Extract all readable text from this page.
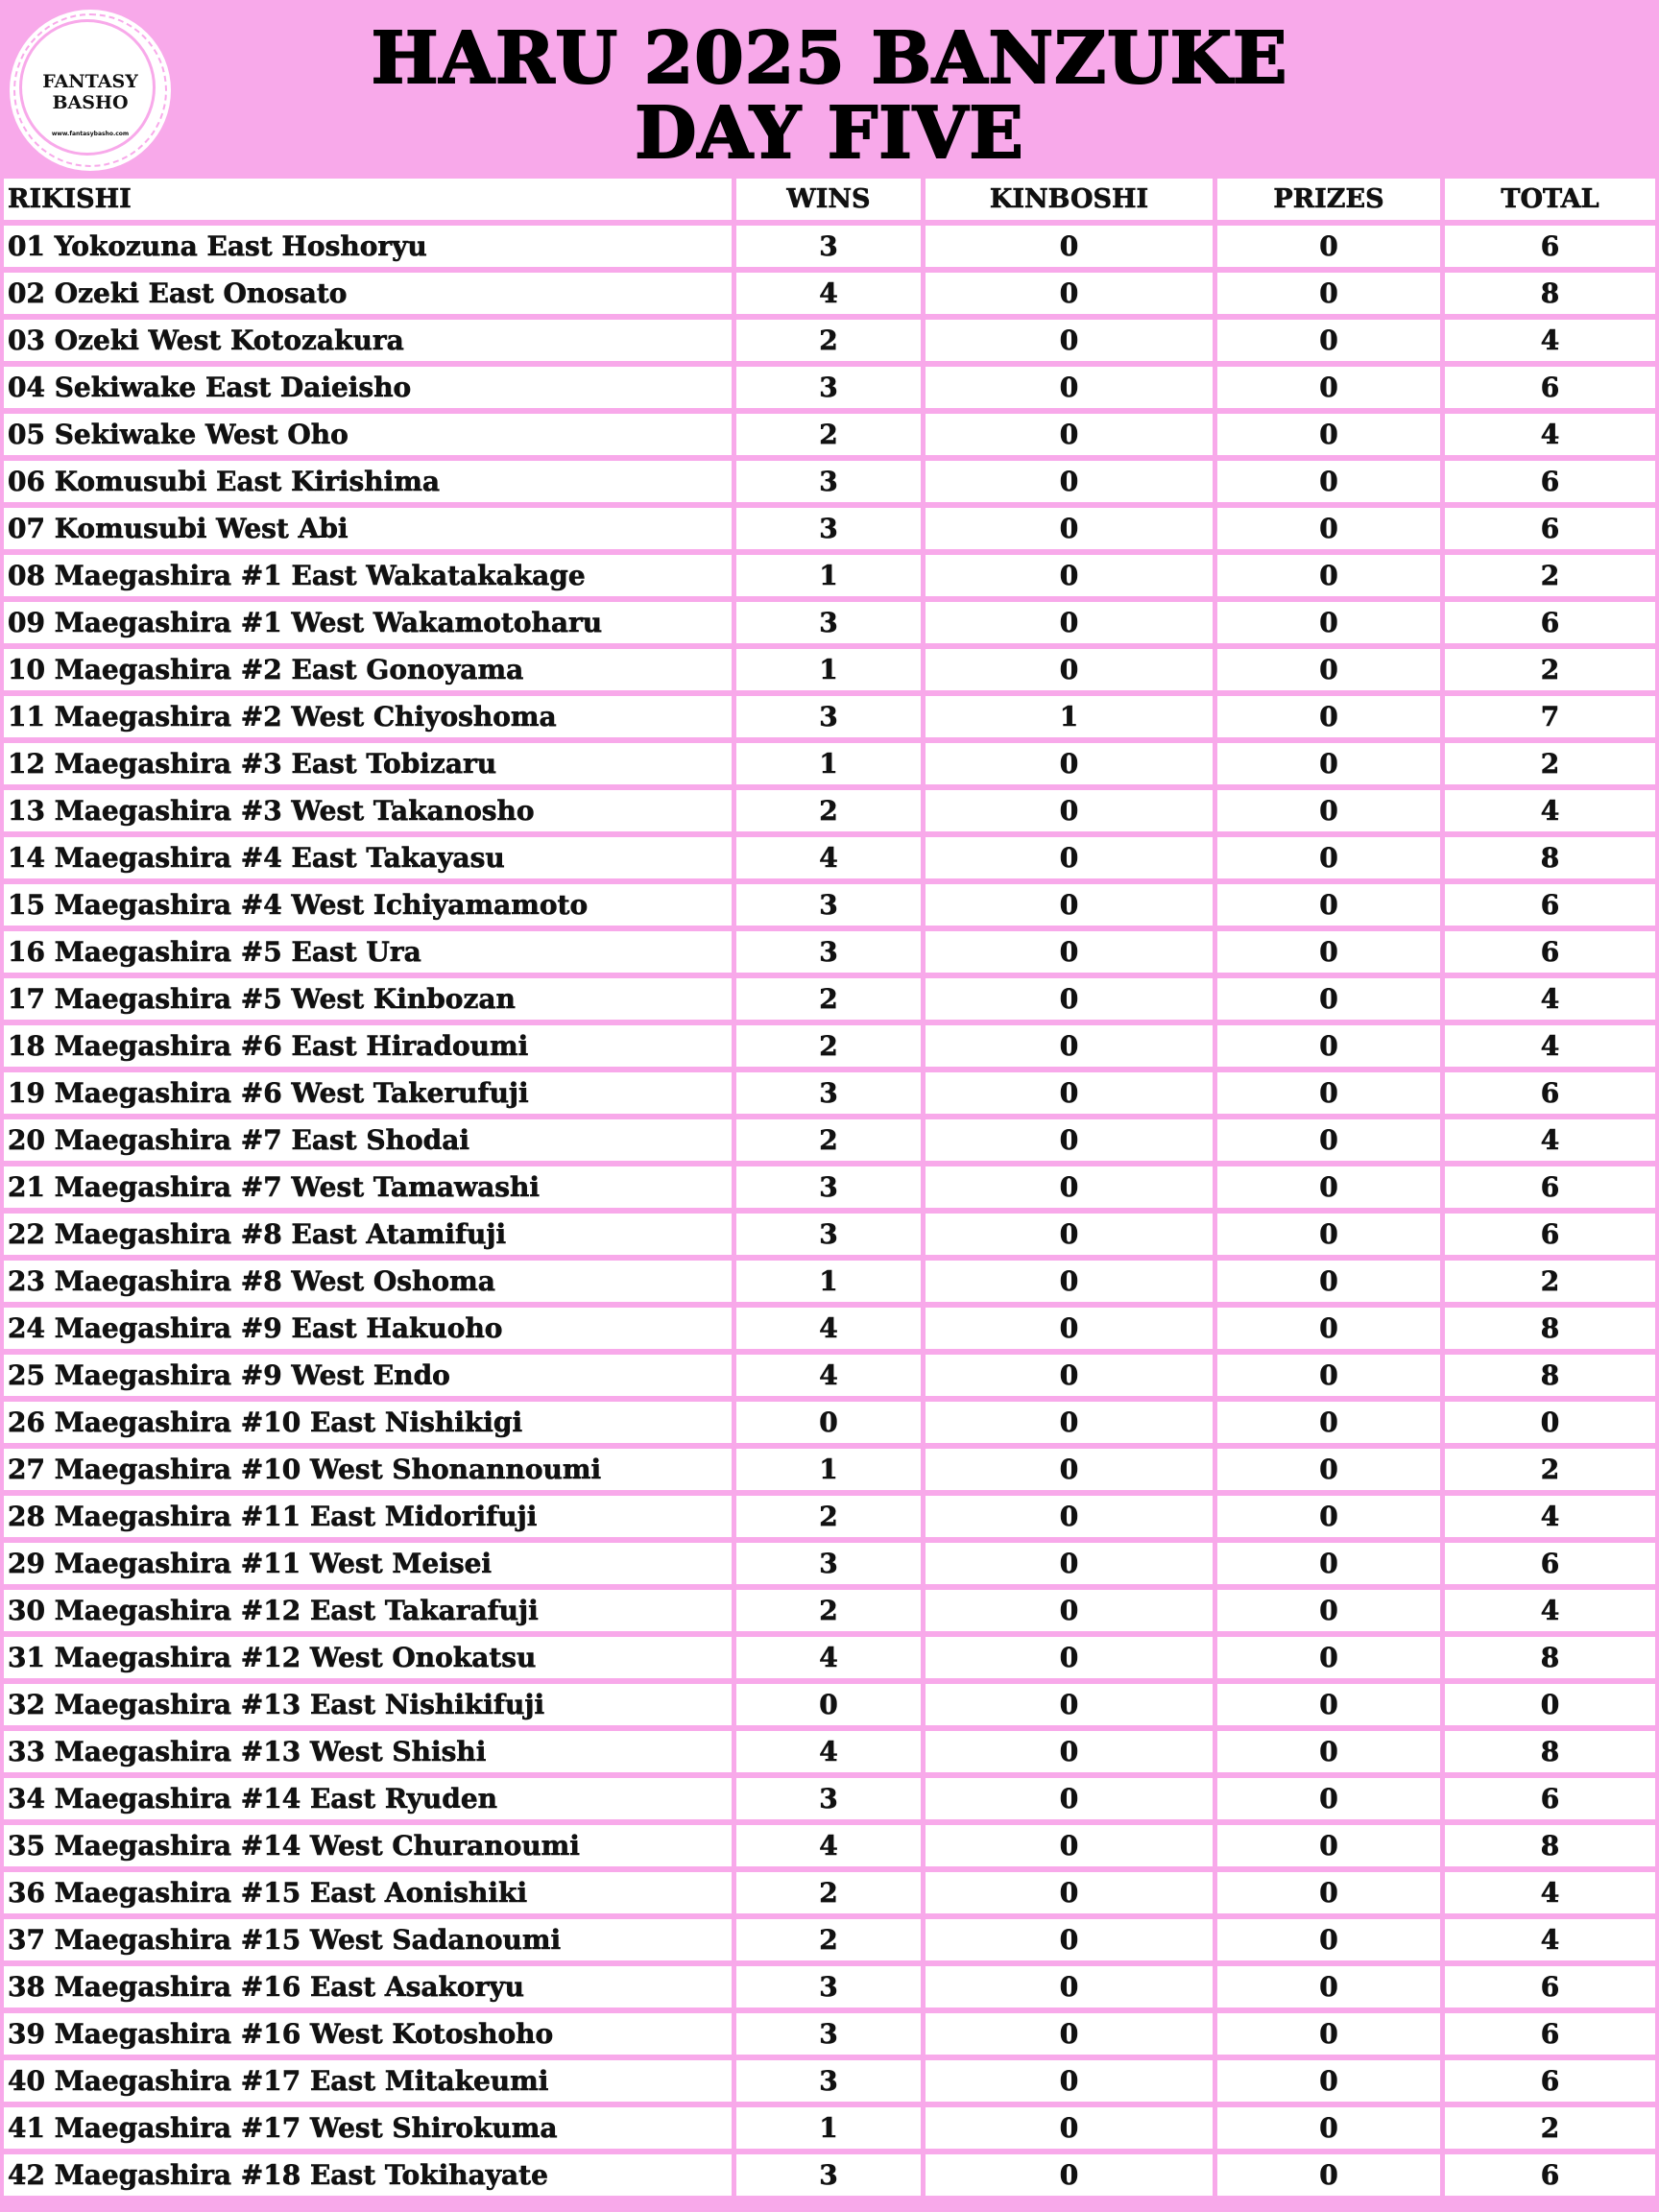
FANTASY
BASHO
www.fantasybasho.com
HARU 2025 BANZUKE
DAY FIVE
RIKISHI	WINS	KINBOSHI	PRIZES	TOTAL
01 Yokozuna East Hoshoryu	3	0	0	6
02 Ozeki East Onosato	4	0	0	8
03 Ozeki West Kotozakura	2	0	0	4
04 Sekiwake East Daieisho	3	0	0	6
05 Sekiwake West Oho	2	0	0	4
06 Komusubi East Kirishima	3	0	0	6
07 Komusubi West Abi	3	0	0	6
08 Maegashira #1 East Wakatakakage	1	0	0	2
09 Maegashira #1 West Wakamotoharu	3	0	0	6
10 Maegashira #2 East Gonoyama	1	0	0	2
11 Maegashira #2 West Chiyoshoma	3	1	0	7
12 Maegashira #3 East Tobizaru	1	0	0	2
13 Maegashira #3 West Takanosho	2	0	0	4
14 Maegashira #4 East Takayasu	4	0	0	8
15 Maegashira #4 West Ichiyamamoto	3	0	0	6
16 Maegashira #5 East Ura	3	0	0	6
17 Maegashira #5 West Kinbozan	2	0	0	4
18 Maegashira #6 East Hiradoumi	2	0	0	4
19 Maegashira #6 West Takerufuji	3	0	0	6
20 Maegashira #7 East Shodai	2	0	0	4
21 Maegashira #7 West Tamawashi	3	0	0	6
22 Maegashira #8 East Atamifuji	3	0	0	6
23 Maegashira #8 West Oshoma	1	0	0	2
24 Maegashira #9 East Hakuoho	4	0	0	8
25 Maegashira #9 West Endo	4	0	0	8
26 Maegashira #10 East Nishikigi	0	0	0	0
27 Maegashira #10 West Shonannoumi	1	0	0	2
28 Maegashira #11 East Midorifuji	2	0	0	4
29 Maegashira #11 West Meisei	3	0	0	6
30 Maegashira #12 East Takarafuji	2	0	0	4
31 Maegashira #12 West Onokatsu	4	0	0	8
32 Maegashira #13 East Nishikifuji	0	0	0	0
33 Maegashira #13 West Shishi	4	0	0	8
34 Maegashira #14 East Ryuden	3	0	0	6
35 Maegashira #14 West Churanoumi	4	0	0	8
36 Maegashira #15 East Aonishiki	2	0	0	4
37 Maegashira #15 West Sadanoumi	2	0	0	4
38 Maegashira #16 East Asakoryu	3	0	0	6
39 Maegashira #16 West Kotoshoho	3	0	0	6
40 Maegashira #17 East Mitakeumi	3	0	0	6
41 Maegashira #17 West Shirokuma	1	0	0	2
42 Maegashira #18 East Tokihayate	3	0	0	6
